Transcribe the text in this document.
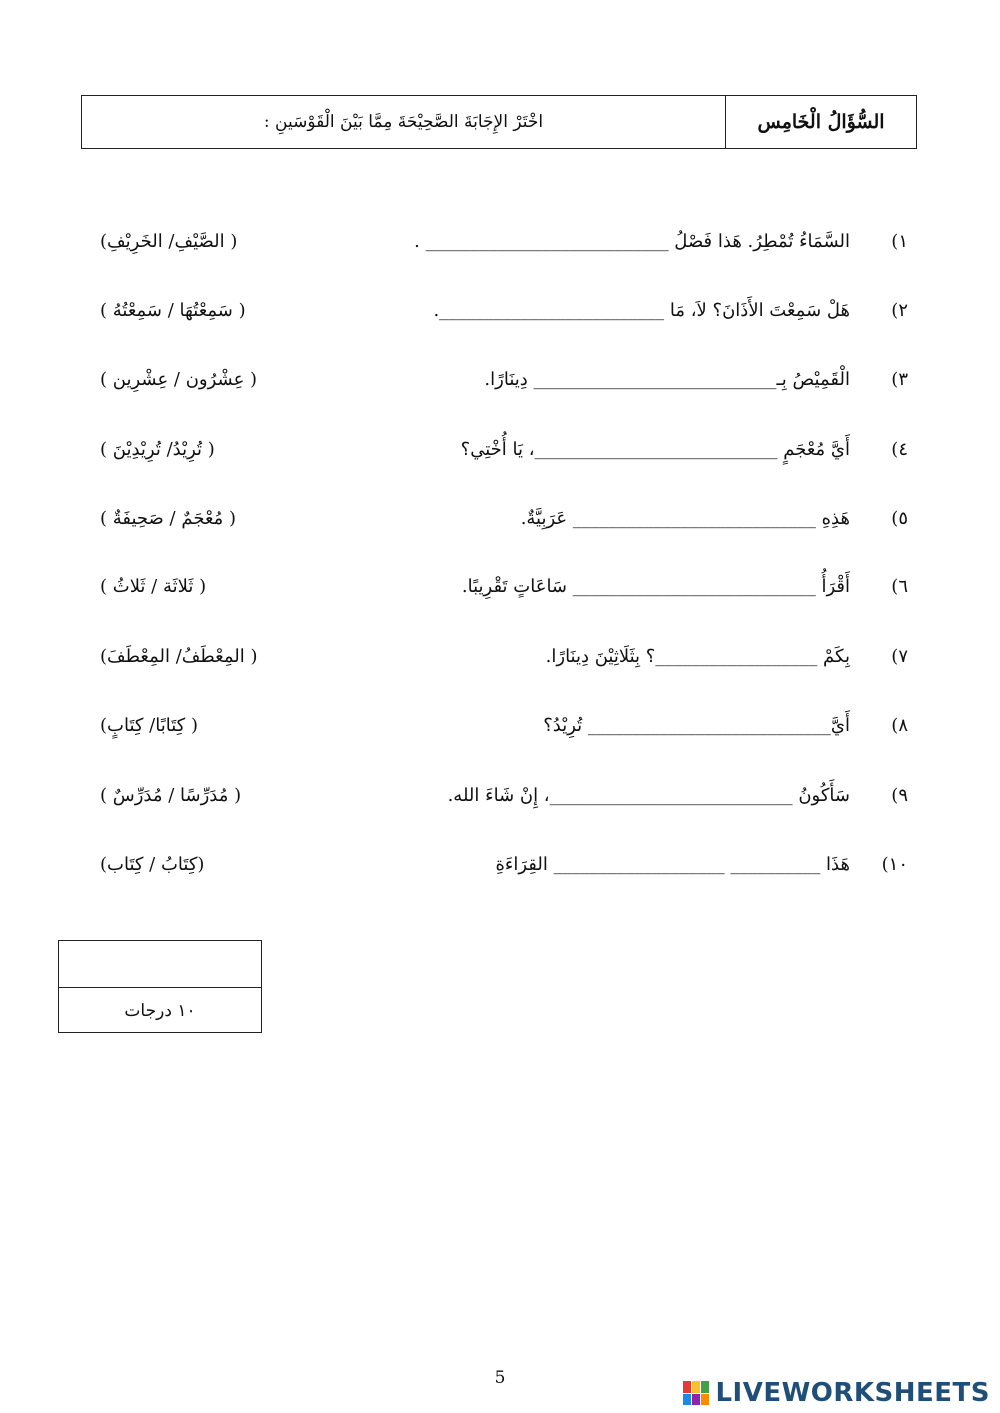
السُّؤَالُ الْخَامِس
اخْتَرْ الإِجَابَةَ الصَّحِيْحَةَ مِمَّا بَيْنَ الْقَوْسَينِ :
١)
السَّمَاءُ تُمْطِرُ. هَذا فَصْلُ ___________________________ .
( الصَّيْفِ/ الخَرِيْفِ)
٢)
هَلْ سَمِعْتَ الأَذَانَ؟ لاَ، مَا _________________________.
( سَمِعْتُهَا / سَمِعْتُهُ )
٣)
الْقَمِيْصُ بِـ___________________________ دِينَارًا.
( عِشْرُون / عِشْرِين )
٤)
أَيَّ مُعْجَمٍ ___________________________، يَا أُخْتِي؟
( تُرِيْدُ/ تُرِيْدِيْنَ )
٥)
هَذِهِ ___________________________ عَرَبِيَّةٌ.
( مُعْجَمٌ / صَحِيفَةٌ )
٦)
أَقْرَأُ ___________________________ سَاعَاتٍ تَقْرِيبًا.
( ثَلاثَة / ثَلاثُ )
٧)
بِكَمْ __________________؟ بِثَلَاثِيْنَ دِينَارًا.
( المِعْطَفُ/ المِعْطَفَ)
٨)
أَيَّ___________________________ تُرِيْدُ؟
( كِتَابًا/ كِتَابٍ)
٩)
سَأَكُونُ ___________________________، إِنْ شَاءَ الله.
( مُدَرِّسًا / مُدَرِّسٌ )
١٠)
هَذَا __________ ___________________ القِرَاءَةِ
(كِتَابُ / كِتَاب)
١٠ درجات
5	LIVEWORKSHEETS
